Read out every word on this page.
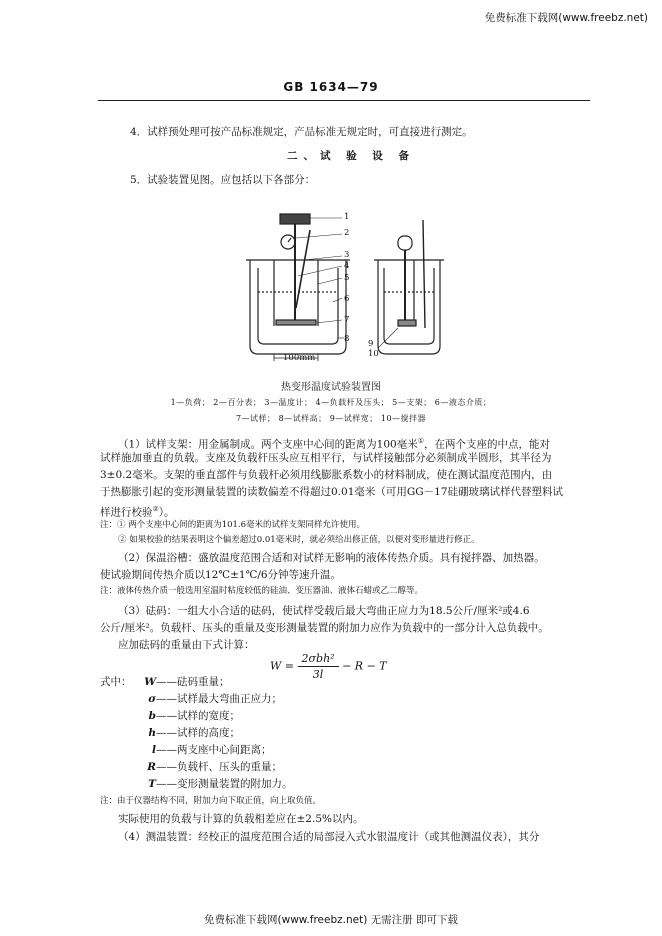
免费标准下载网(www.freebz.net)
GB 1634—79
4．试样预处理可按产品标准规定，产品标准无规定时，可直接进行测定。
二、试 验 设 备
5．试验装置见图。应包括以下各部分：
1
2
3
4
5
6
7
8 9
10
100mm
热变形温度试验装置图
1—负荷； 2—百分表； 3—温度计； 4—负载杆及压头； 5—支架； 6—液态介质；
7—试样； 8—试样高； 9—试样宽； 10—搅拌器
（1）试样支架：用金属制成。两个支座中心间的距离为100毫米①，在两个支座的中点，能对
试样施加垂直的负载。支座及负载杆压头应互相平行，与试样接触部分必须制成半圆形，其半径为
3±0.2毫米。支架的垂直部件与负载杆必须用线膨胀系数小的材料制成，使在测试温度范围内，由
于热膨胀引起的变形测量装置的读数偏差不得超过0.01毫米（可用GG－17硅硼玻璃试样代替塑料试
样进行校验②）。
注：① 两个支座中心间的距离为101.6毫米的试样支架同样允许使用。
② 如果校验的结果表明这个偏差超过0.01毫米时，就必须给出修正值，以便对变形量进行修正。
（2）保温浴槽：盛放温度范围合适和对试样无影响的液体传热介质。具有搅拌器、加热器。
使试验期间传热介质以12℃±1℃/6分钟等速升温。
注：液体传热介质一般选用室温时粘度较低的硅油、变压器油、液体石蜡或乙二醇等。
（3）砝码：一组大小合适的砝码，使试样受载后最大弯曲正应力为18.5公斤/厘米²或4.6
公斤/厘米²。负载杆、压头的重量及变形测量装置的附加力应作为负载中的一部分计入总负载中。
应加砝码的重量由下式计算：
$W = \frac{\text{2σbh²}}{3l} - R - T$
式中：	W——砝码重量；
σ——试样最大弯曲正应力；
b——试样的宽度；
h——试样的高度；
l——两支座中心间距离；
R——负载杆、压头的重量；
T——变形测量装置的附加力。
注：由于仪器结构不同，附加力向下取正值，向上取负值。
实际使用的负载与计算的负载相差应在±2.5%以内。
（4）测温装置：经校正的温度范围合适的局部浸入式水银温度计（或其他测温仪表），其分
免费标准下载网(www.freebz.net) 无需注册 即可下载
